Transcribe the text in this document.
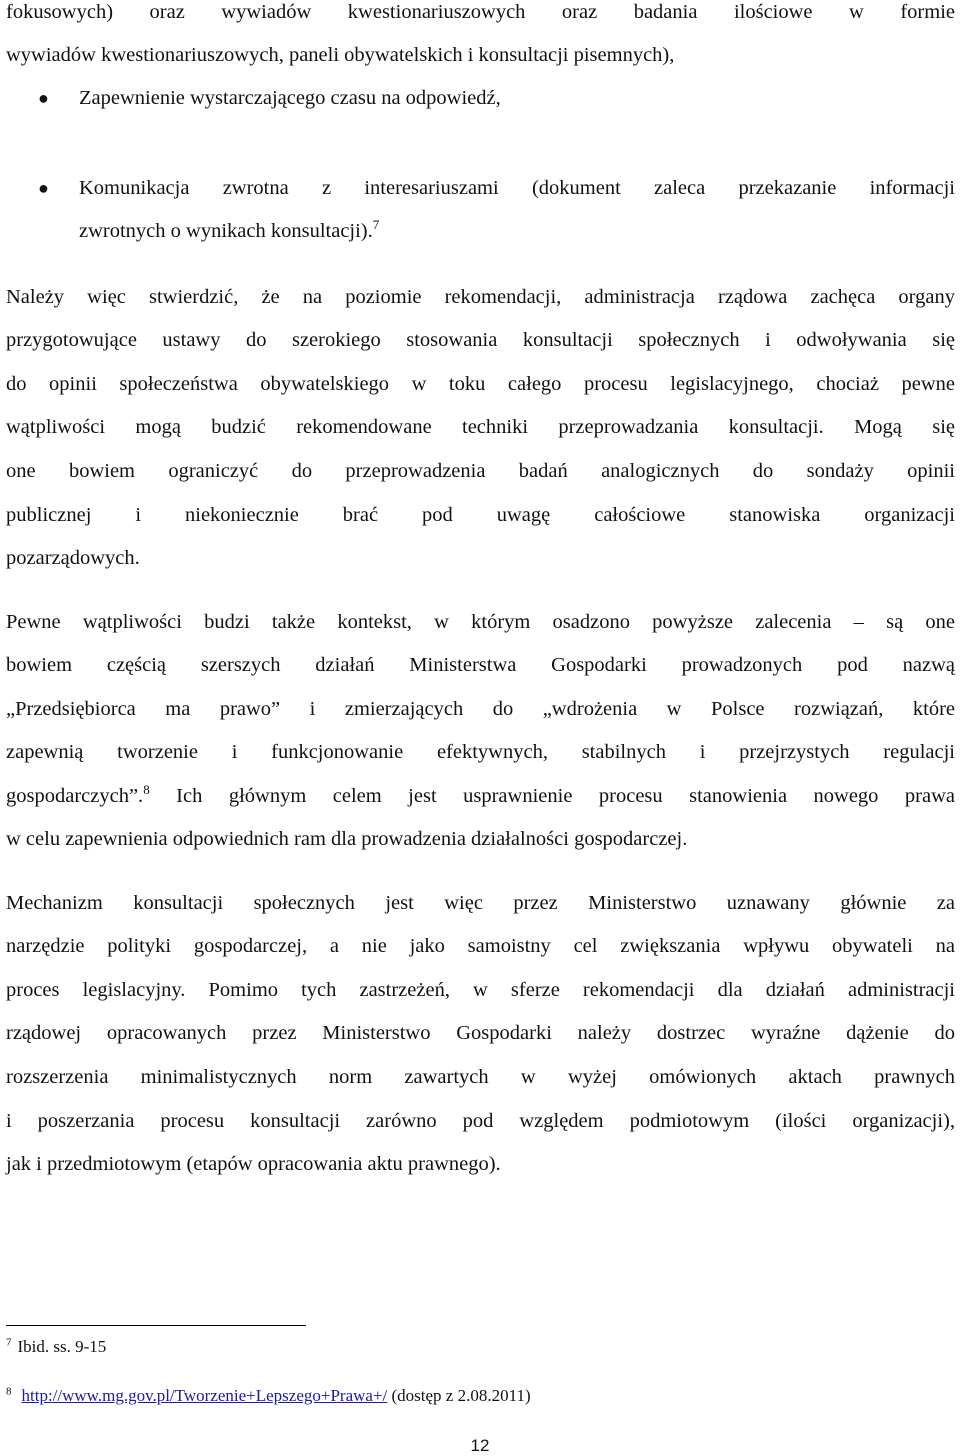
fokusowych) oraz wywiadów kwestionariuszowych oraz badania ilościowe w formie
wywiadów kwestionariuszowych, paneli obywatelskich i konsultacji pisemnych),
● Zapewnienie wystarczającego czasu na odpowiedź,
● Komunikacja zwrotna z interesariuszami (dokument zaleca przekazanie informacji
zwrotnych o wynikach konsultacji).$^7$
Należy więc stwierdzić, że na poziomie rekomendacji, administracja rządowa zachęca organy
przygotowujące ustawy do szerokiego stosowania konsultacji społecznych i odwoływania się
do opinii społeczeństwa obywatelskiego w toku całego procesu legislacyjnego, chociaż pewne
wątpliwości mogą budzić rekomendowane techniki przeprowadzania konsultacji. Mogą się
one bowiem ograniczyć do przeprowadzenia badań analogicznych do sondaży opinii
publicznej i niekoniecznie brać pod uwagę całościowe stanowiska organizacji
pozarządowych.
Pewne wątpliwości budzi także kontekst, w którym osadzono powyższe zalecenia – są one
bowiem częścią szerszych działań Ministerstwa Gospodarki prowadzonych pod nazwą
„Przedsiębiorca ma prawo” i zmierzających do „wdrożenia w Polsce rozwiązań, które
zapewnią tworzenie i funkcjonowanie efektywnych, stabilnych i przejrzystych regulacji
gospodarczych”.$^8$ Ich głównym celem jest usprawnienie procesu stanowienia nowego prawa
w celu zapewnienia odpowiednich ram dla prowadzenia działalności gospodarczej.
Mechanizm konsultacji społecznych jest więc przez Ministerstwo uznawany głównie za
narzędzie polityki gospodarczej, a nie jako samoistny cel zwiększania wpływu obywateli na
proces legislacyjny. Pomimo tych zastrzeżeń, w sferze rekomendacji dla działań administracji
rządowej opracowanych przez Ministerstwo Gospodarki należy dostrzec wyraźne dążenie do
rozszerzenia minimalistycznych norm zawartych w wyżej omówionych aktach prawnych
i poszerzania procesu konsultacji zarówno pod względem podmiotowym (ilości organizacji),
jak i przedmiotowym (etapów opracowania aktu prawnego).
$^7$ Ibid. ss. 9-15
$^8$ http://www.mg.gov.pl/Tworzenie+Lepszego+Prawa+/ (dostęp z 2.08.2011)
12
